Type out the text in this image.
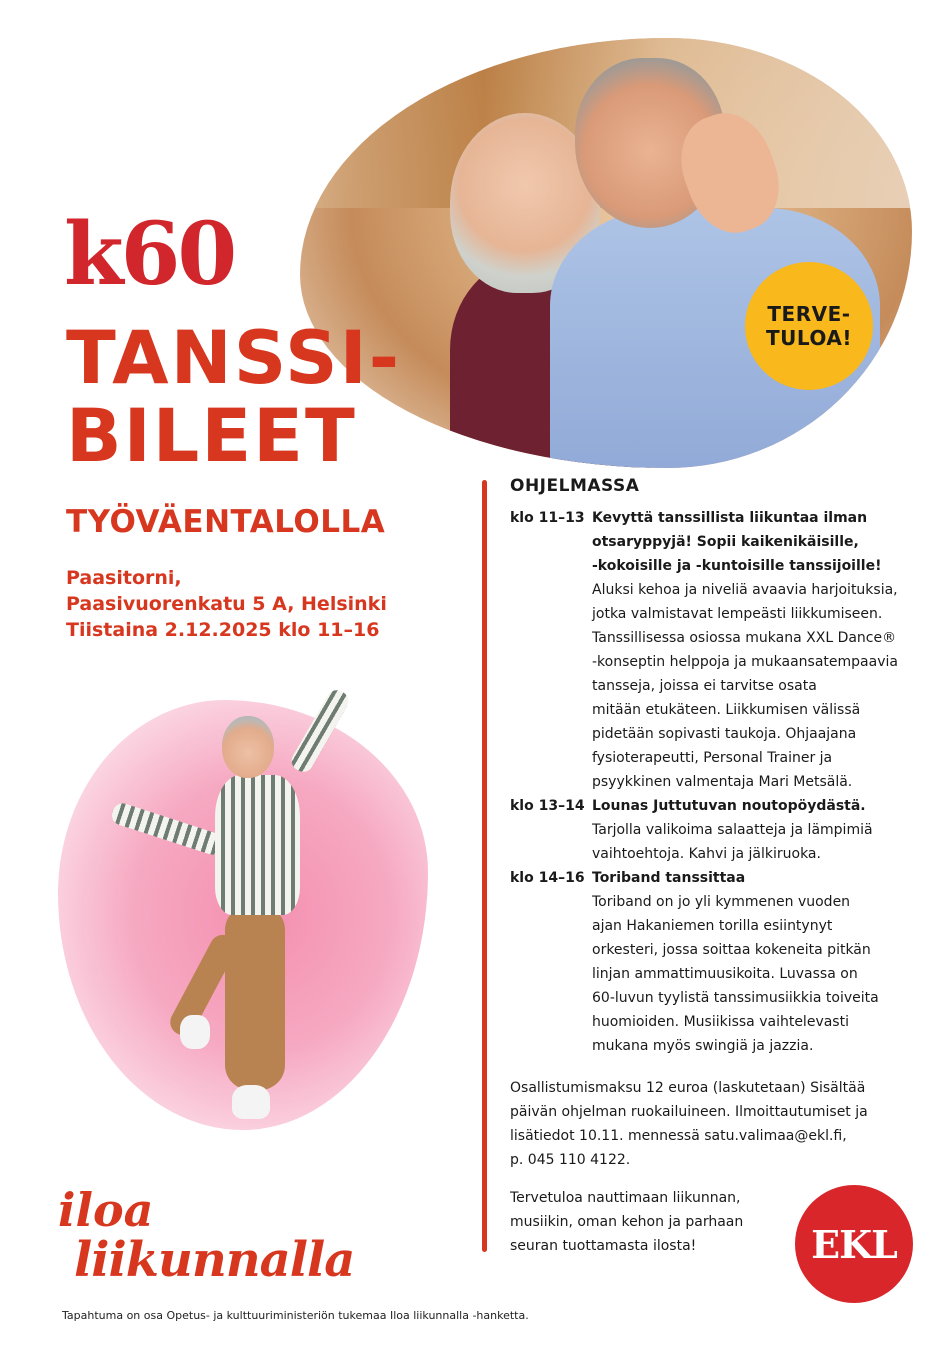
TERVE-
TULOA!
k60
TANSSI-
BILEET
TYÖVÄENTALOLLA
Paasitorni,
Paasivuorenkatu 5 A, Helsinki
Tiistaina 2.12.2025 klo 11–16
OHJELMASSA
klo 11–13 Kevyttä tanssillista liikuntaa ilman
otsaryppyjä! Sopii kaikenikäisille,
-kokoisille ja -kuntoisille tanssijoille!
Aluksi kehoa ja niveliä avaavia harjoituksia,
jotka valmistavat lempeästi liikkumiseen.
Tanssillisessa osiossa mukana XXL Dance®
-konseptin helppoja ja mukaansatempaavia
tansseja, joissa ei tarvitse osata
mitään etukäteen. Liikkumisen välissä
pidetään sopivasti taukoja. Ohjaajana
fysioterapeutti, Personal Trainer ja
psyykkinen valmentaja Mari Metsälä.
klo 13–14 Lounas Juttutuvan noutopöydästä.
Tarjolla valikoima salaatteja ja lämpimiä
vaihtoehtoja. Kahvi ja jälkiruoka.
klo 14–16 Toriband tanssittaa
Toriband on jo yli kymmenen vuoden
ajan Hakaniemen torilla esiintynyt
orkesteri, jossa soittaa kokeneita pitkän
linjan ammattimuusikoita. Luvassa on
60-luvun tyylistä tanssimusiikkia toiveita
huomioiden. Musiikissa vaihtelevasti
mukana myös swingiä ja jazzia.
Osallistumismaksu 12 euroa (laskutetaan) Sisältää
päivän ohjelman ruokailuineen. Ilmoittautumiset ja
lisätiedot 10.11. mennessä satu.valimaa@ekl.fi,
p. 045 110 4122.
Tervetuloa nauttimaan liikunnan,
musiikin, oman kehon ja parhaan
seuran tuottamasta ilosta!
iloa
liikunnalla	EKL
Tapahtuma on osa Opetus- ja kulttuuriministeriön tukemaa Iloa liikunnalla -hanketta.
